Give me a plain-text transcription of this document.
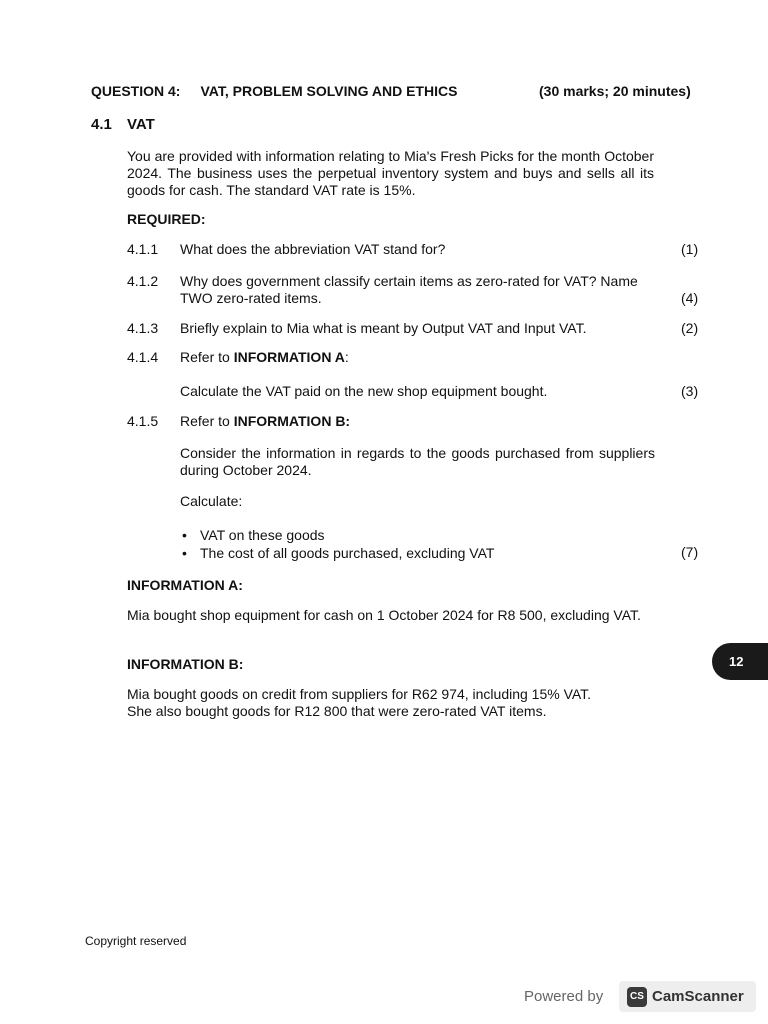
QUESTION 4: VAT, PROBLEM SOLVING AND ETHICS	(30 marks; 20 minutes)
4.1 VAT
You are provided with information relating to Mia's Fresh Picks for the month October 2024. The business uses the perpetual inventory system and buys and sells all its goods for cash. The standard VAT rate is 15%.
REQUIRED:
4.1.1 What does the abbreviation VAT stand for?	(1)
4.1.2 Why does government classify certain items as zero-rated for VAT? Name TWO zero-rated items.	(4)
4.1.3 Briefly explain to Mia what is meant by Output VAT and Input VAT.	(2)
4.1.4 Refer to INFORMATION A:
Calculate the VAT paid on the new shop equipment bought.	(3)
4.1.5 Refer to INFORMATION B:
Consider the information in regards to the goods purchased from suppliers during October 2024.
Calculate:
• VAT on these goods
• The cost of all goods purchased, excluding VAT	(7)
INFORMATION A:
Mia bought shop equipment for cash on 1 October 2024 for R8 500, excluding VAT.
INFORMATION B:
Mia bought goods on credit from suppliers for R62 974, including 15% VAT.
She also bought goods for R12 800 that were zero-rated VAT items.
12
Copyright reserved
Powered by	CS CamScanner
